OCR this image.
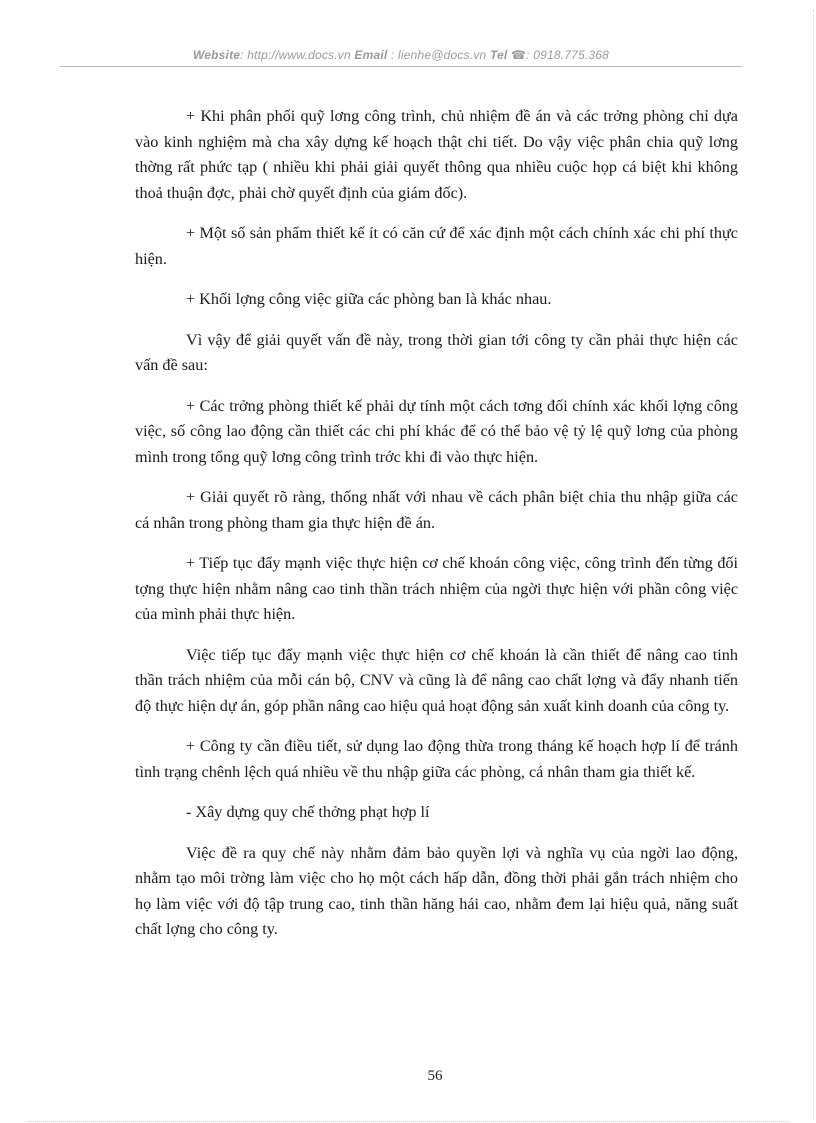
Website: http://www.docs.vn Email : lienhe@docs.vn Tel ☎: 0918.775.368

+ Khi phân phối quỹ lơng công trình, chủ nhiệm đề án và các trởng phòng chỉ dựa vào kinh nghiệm mà cha xây dựng kế hoạch thật chi tiết. Do vậy việc phân chia quỹ lơng thờng rất phức tạp ( nhiều khi phải giải quyết thông qua nhiều cuộc họp cá biệt khi không thoả thuận đợc, phải chờ quyết định của giám đốc).

+ Một số sản phẩm thiết kế ít có căn cứ để xác định một cách chính xác chi phí thực hiện.

+ Khối lợng công việc giữa các phòng ban là khác nhau.

Vì vậy để giải quyết vấn đề này, trong thời gian tới công ty cần phải thực hiện các vấn đề sau:

+ Các trởng phòng thiết kế phải dự tính một cách tơng đối chính xác khối lợng công việc, số công lao động cần thiết các chi phí khác để có thể bảo vệ tỷ lệ quỹ lơng của phòng mình trong tổng quỹ lơng công trình trớc khi đi vào thực hiện.

+ Giải quyết rõ ràng, thống nhất với nhau về cách phân biệt chia thu nhập giữa các cá nhân trong phòng tham gia thực hiện đề án.

+ Tiếp tục đẩy mạnh việc thực hiện cơ chế khoán công việc, công trình đến từng đối tợng thực hiện nhằm nâng cao tinh thần trách nhiệm của ngời thực hiện với phần công việc của mình phải thực hiện.

Việc tiếp tục đẩy mạnh việc thực hiện cơ chế khoán là cần thiết để nâng cao tinh thần trách nhiệm của mỗi cán bộ, CNV và cũng là để nâng cao chất lợng và đẩy nhanh tiến độ thực hiện dự án, góp phần nâng cao hiệu quả hoạt động sản xuất kinh doanh của công ty.

+ Công ty cần điều tiết, sử dụng lao động thừa trong tháng kế hoạch hợp lí để tránh tình trạng chênh lệch quá nhiều về thu nhập giữa các phòng, cá nhân tham gia thiết kế.

- Xây dựng quy chế thởng phạt hợp lí

Việc đề ra quy chế này nhằm đảm bảo quyền lợi và nghĩa vụ của ngời lao động, nhằm tạo môi trờng làm việc cho họ một cách hấp dẫn, đồng thời phải gắn trách nhiệm cho họ làm việc với độ tập trung cao, tinh thần hăng hái cao, nhằm đem lại hiệu quả, năng suất chất lợng cho công ty.

56
